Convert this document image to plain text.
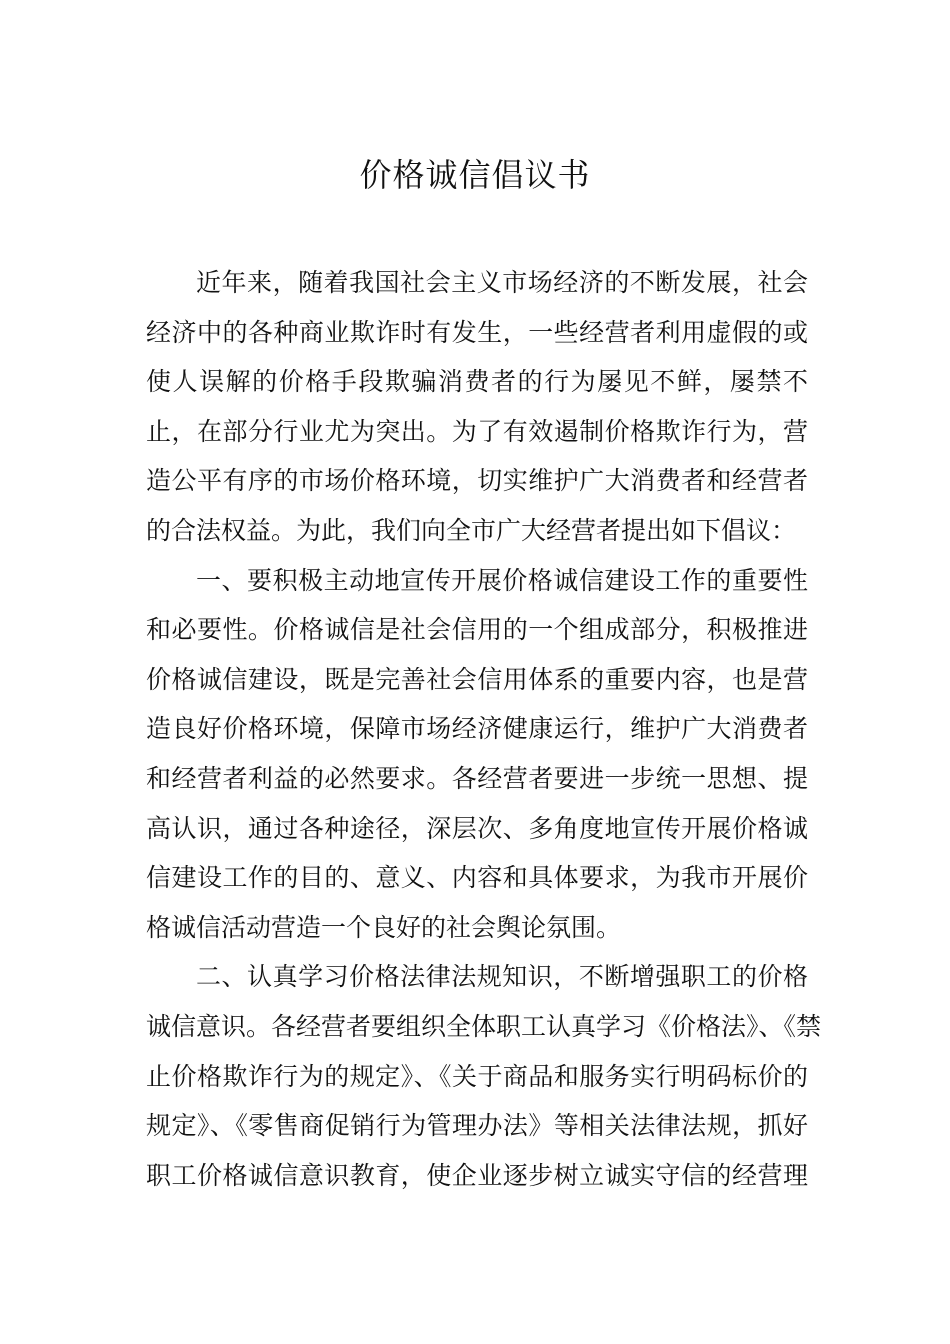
价格诚信倡议书

近年来，随着我国社会主义市场经济的不断发展，社会
经济中的各种商业欺诈时有发生，一些经营者利用虚假的或
使人误解的价格手段欺骗消费者的行为屡见不鲜，屡禁不
止，在部分行业尤为突出。为了有效遏制价格欺诈行为，营
造公平有序的市场价格环境，切实维护广大消费者和经营者
的合法权益。为此，我们向全市广大经营者提出如下倡议：

一、要积极主动地宣传开展价格诚信建设工作的重要性
和必要性。价格诚信是社会信用的一个组成部分，积极推进
价格诚信建设，既是完善社会信用体系的重要内容，也是营
造良好价格环境，保障市场经济健康运行，维护广大消费者
和经营者利益的必然要求。各经营者要进一步统一思想、提
高认识，通过各种途径，深层次、多角度地宣传开展价格诚
信建设工作的目的、意义、内容和具体要求，为我市开展价
格诚信活动营造一个良好的社会舆论氛围。

二、认真学习价格法律法规知识，不断增强职工的价格
诚信意识。各经营者要组织全体职工认真学习《价格法》、《禁
止价格欺诈行为的规定》、《关于商品和服务实行明码标价的
规定》、《零售商促销行为管理办法》等相关法律法规，抓好
职工价格诚信意识教育，使企业逐步树立诚实守信的经营理
